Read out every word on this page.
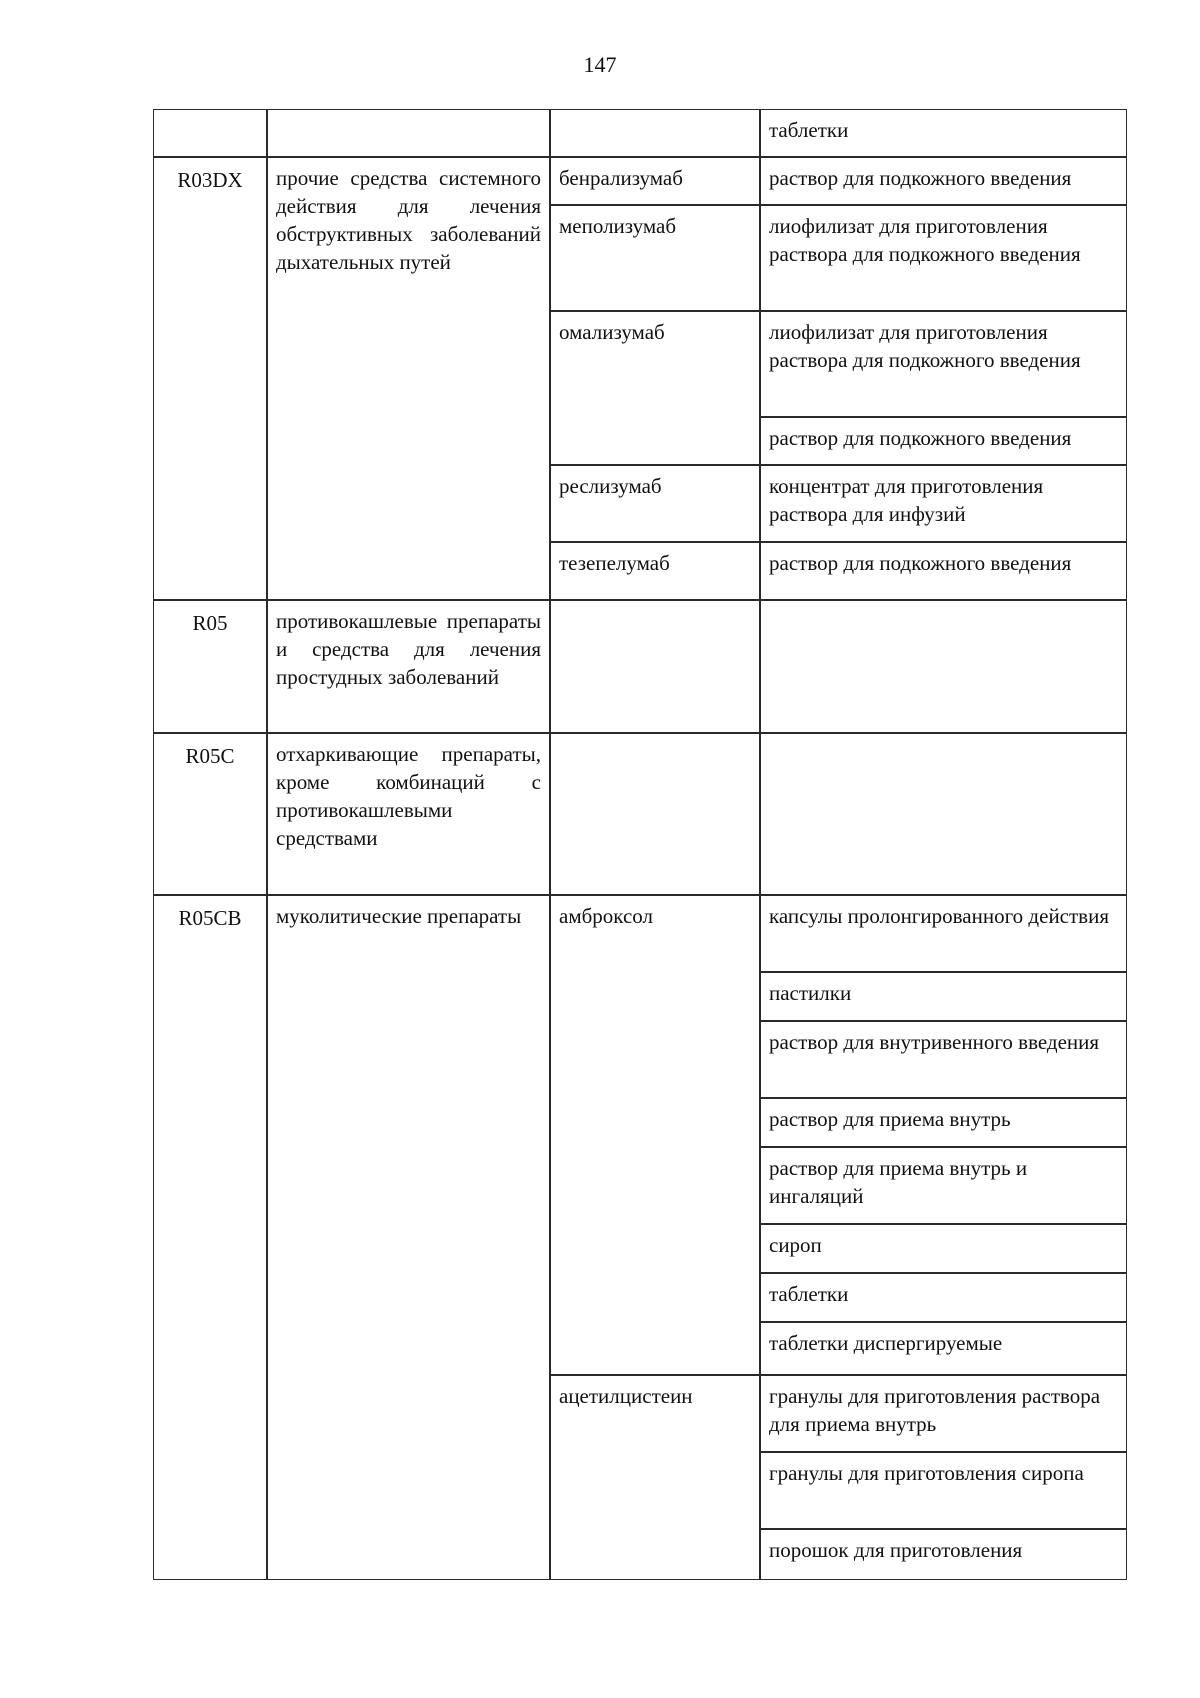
147
R03DX
R05
R05C
R05CB
прочие средства системного действия для лечения обструктивных заболеваний дыхательных путей
противокашлевые препараты и средства для лечения простудных заболеваний
отхаркивающие препараты, кроме комбинаций с противокашлевыми средствами
муколитические препараты
бенрализумаб
меполизумаб
омализумаб
реслизумаб
тезепелумаб
амброксол
ацетилцистеин
таблетки
раствор для подкожного введения
лиофилизат для приготовления раствора для подкожного введения
лиофилизат для приготовления раствора для подкожного введения
раствор для подкожного введения
концентрат для приготовления раствора для инфузий
раствор для подкожного введения
капсулы пролонгированного действия
пастилки
раствор для внутривенного введения
раствор для приема внутрь
раствор для приема внутрь и ингаляций
сироп
таблетки
таблетки диспергируемые
гранулы для приготовления раствора для приема внутрь
гранулы для приготовления сиропа
порошок для приготовления
